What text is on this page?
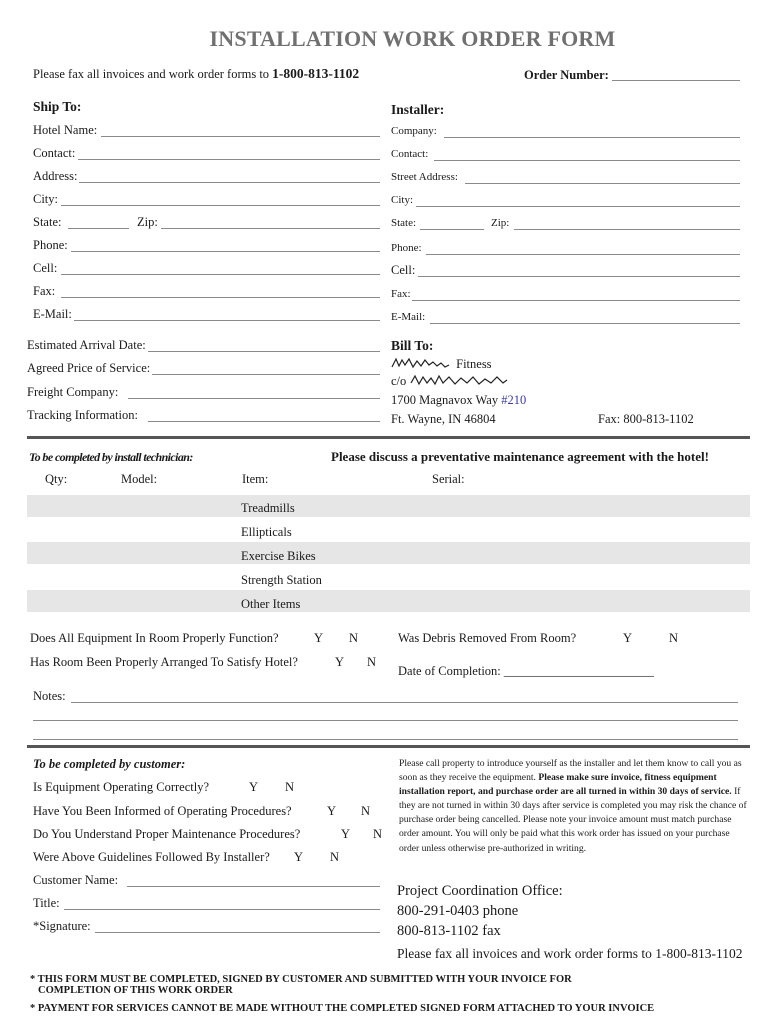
INSTALLATION WORK ORDER FORM
Please fax all invoices and work order forms to 1-800-813-1102	Order Number:
Ship To:
Hotel Name:
Contact:
Address:
City:
State:	Zip:
Phone:
Cell:
Fax:
E-Mail:
Installer:
Company:
Contact:
Street Address:
City:
State:	Zip:
Phone:
Cell:
Fax:
E-Mail:
Estimated Arrival Date:
Agreed Price of Service:
Freight Company:
Tracking Information:
Bill To:
Fitness
c/o
1700 Magnavox Way #210
Ft. Wayne, IN 46804	Fax: 800-813-1102
To be completed by install technician:	Please discuss a preventative maintenance agreement with the hotel!
Qty:	Model:	Item:	Serial:
Treadmills
Ellipticals
Exercise Bikes
Strength Station
Other Items
Does All Equipment In Room Properly Function?	Y N
Has Room Been Properly Arranged To Satisfy Hotel?	Y N
Was Debris Removed From Room?	Y	N
Date of Completion: ________________________
Notes:
To be completed by customer:
Is Equipment Operating Correctly?	Y N
Have You Been Informed of Operating Procedures?	Y N
Do You Understand Proper Maintenance Procedures?	Y N
Were Above Guidelines Followed By Installer? Y N
Customer Name:
Title:
*Signature:
Please call property to introduce yourself as the installer and let them know to call you as soon as they receive the equipment. Please make sure invoice, fitness equipment installation report, and purchase order are all turned in within 30 days of service. If they are not turned in within 30 days after service is completed you may risk the chance of purchase order being cancelled. Please note your invoice amount must match purchase order amount. You will only be paid what this work order has issued on your purchase order unless otherwise pre-authorized in writing.
Project Coordination Office:
800-291-0403 phone
800-813-1102 fax
Please fax all invoices and work order forms to 1-800-813-1102
* THIS FORM MUST BE COMPLETED, SIGNED BY CUSTOMER AND SUBMITTED WITH YOUR INVOICE FOR
COMPLETION OF THIS WORK ORDER
* PAYMENT FOR SERVICES CANNOT BE MADE WITHOUT THE COMPLETED SIGNED FORM ATTACHED TO YOUR INVOICE
